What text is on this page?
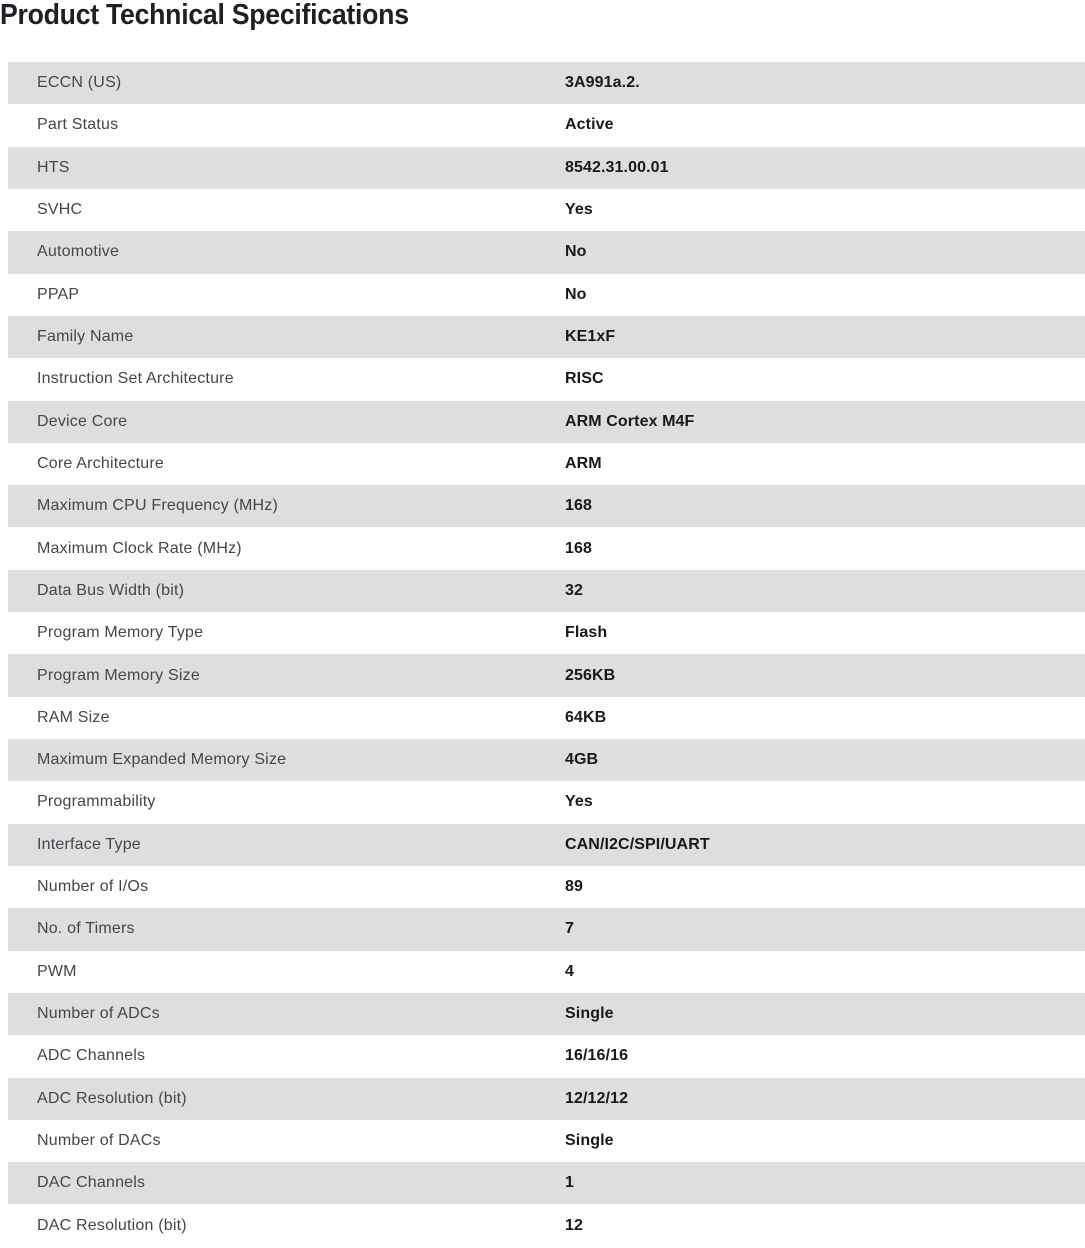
Product Technical Specifications
ECCN (US)	3A991a.2.
Part Status	Active
HTS	8542.31.00.01
SVHC	Yes
Automotive	No
PPAP	No
Family Name	KE1xF
Instruction Set Architecture	RISC
Device Core	ARM Cortex M4F
Core Architecture	ARM
Maximum CPU Frequency (MHz)	168
Maximum Clock Rate (MHz)	168
Data Bus Width (bit)	32
Program Memory Type	Flash
Program Memory Size	256KB
RAM Size	64KB
Maximum Expanded Memory Size	4GB
Programmability	Yes
Interface Type	CAN/I2C/SPI/UART
Number of I/Os	89
No. of Timers	7
PWM	4
Number of ADCs	Single
ADC Channels	16/16/16
ADC Resolution (bit)	12/12/12
Number of DACs	Single
DAC Channels	1
DAC Resolution (bit)	12
